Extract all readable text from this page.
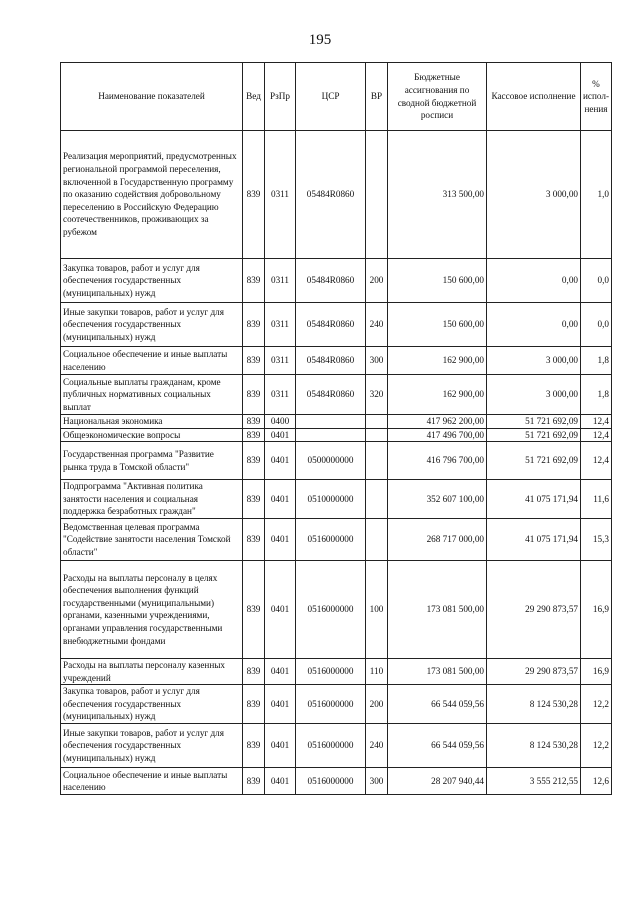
195
Наименование показателей	Вед	РзПр	ЦСР	ВР	Бюджетные ассигнования по сводной бюджетной росписи	Кассовое исполнение	% испол-нения
Реализация мероприятий, предусмотренных региональной программой переселения, включенной в Государственную программу по оказанию содействия добровольному переселению в Российскую Федерацию соотечественников, проживающих за рубежом	839	0311	05484R0860		313 500,00	3 000,00	1,0
Закупка товаров, работ и услуг для обеспечения государственных (муниципальных) нужд	839	0311	05484R0860	200	150 600,00	0,00	0,0
Иные закупки товаров, работ и услуг для обеспечения государственных (муниципальных) нужд	839	0311	05484R0860	240	150 600,00	0,00	0,0
Социальное обеспечение и иные выплаты населению	839	0311	05484R0860	300	162 900,00	3 000,00	1,8
Социальные выплаты гражданам, кроме публичных нормативных социальных выплат	839	0311	05484R0860	320	162 900,00	3 000,00	1,8
Национальная экономика	839	0400			417 962 200,00	51 721 692,09	12,4
Общеэкономические вопросы	839	0401			417 496 700,00	51 721 692,09	12,4
Государственная программа "Развитие рынка труда в Томской области"	839	0401	0500000000		416 796 700,00	51 721 692,09	12,4
Подпрограмма "Активная политика занятости населения и социальная поддержка безработных граждан"	839	0401	0510000000		352 607 100,00	41 075 171,94	11,6
Ведомственная целевая программа "Содействие занятости населения Томской области"	839	0401	0516000000		268 717 000,00	41 075 171,94	15,3
Расходы на выплаты персоналу в целях обеспечения выполнения функций государственными (муниципальными) органами, казенными учреждениями, органами управления государственными внебюджетными фондами	839	0401	0516000000	100	173 081 500,00	29 290 873,57	16,9
Расходы на выплаты персоналу казенных учреждений	839	0401	0516000000	110	173 081 500,00	29 290 873,57	16,9
Закупка товаров, работ и услуг для обеспечения государственных (муниципальных) нужд	839	0401	0516000000	200	66 544 059,56	8 124 530,28	12,2
Иные закупки товаров, работ и услуг для обеспечения государственных (муниципальных) нужд	839	0401	0516000000	240	66 544 059,56	8 124 530,28	12,2
Социальное обеспечение и иные выплаты населению	839	0401	0516000000	300	28 207 940,44	3 555 212,55	12,6
